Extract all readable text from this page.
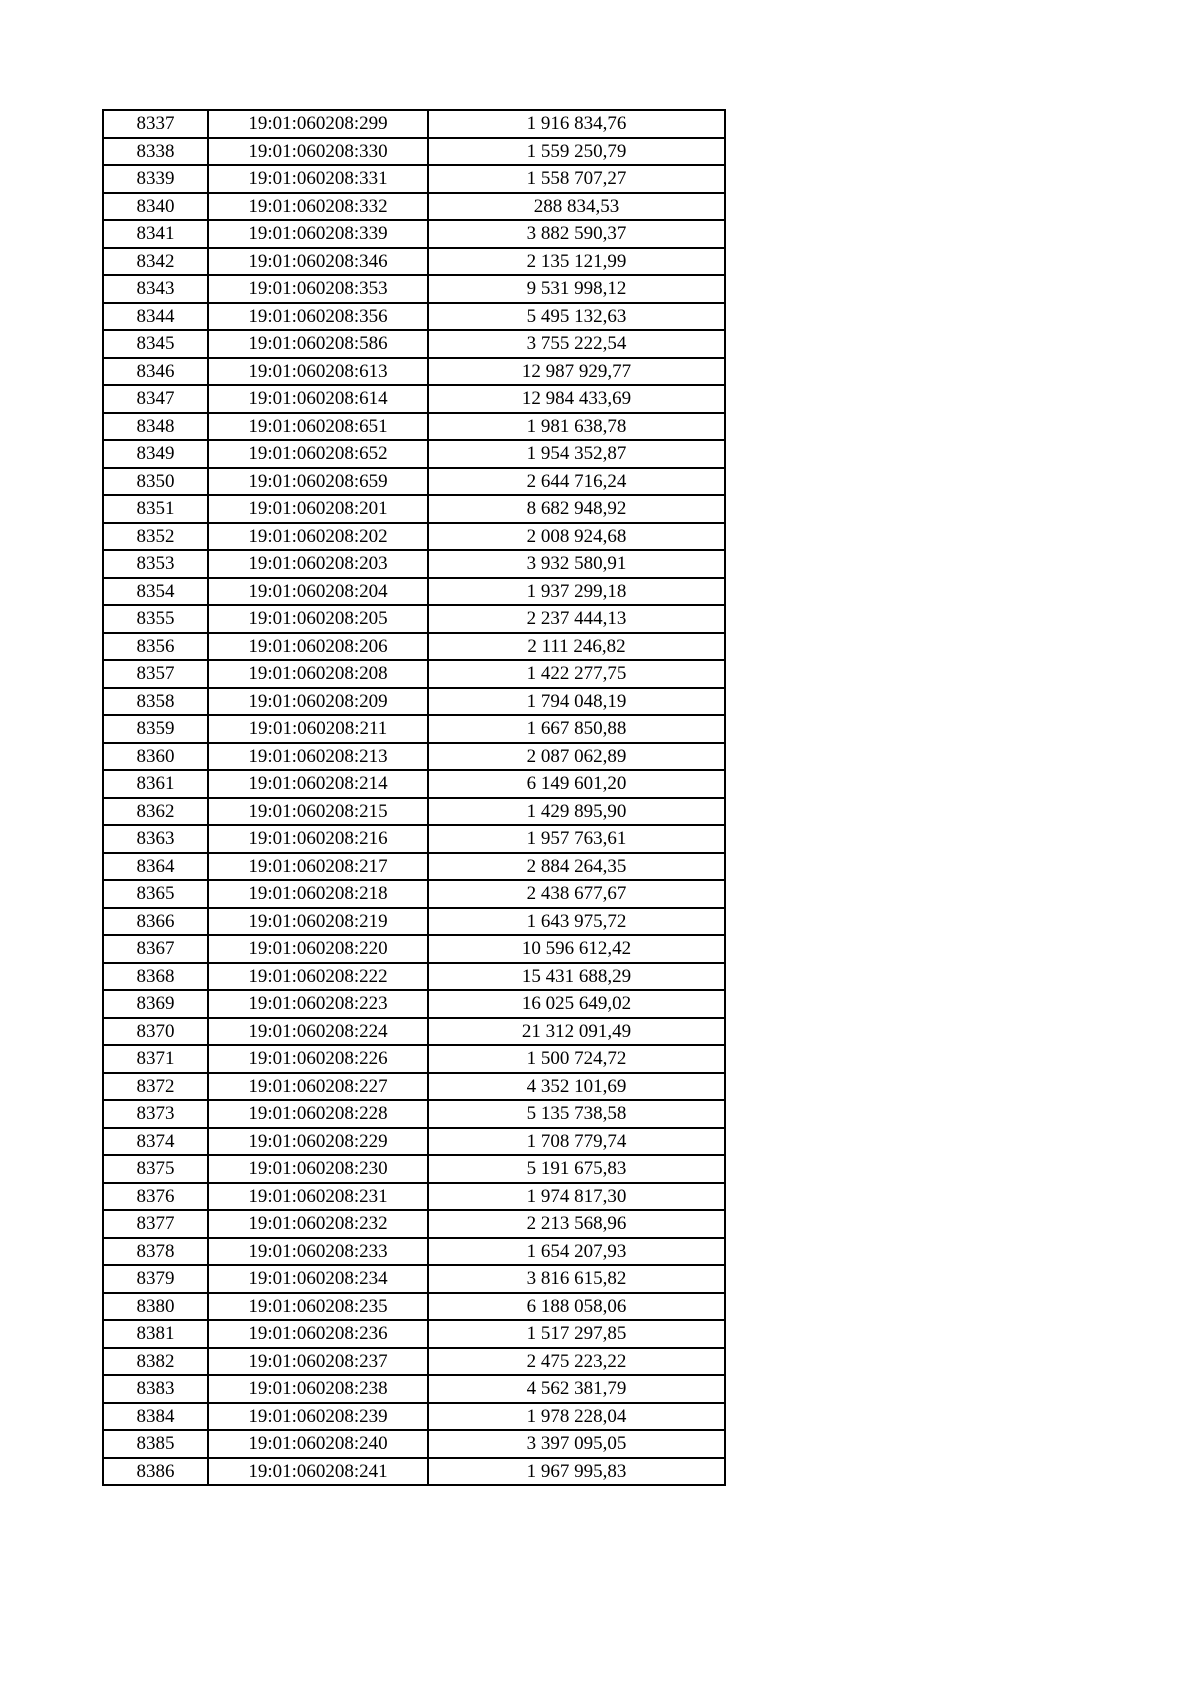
8337	19:01:060208:299	1 916 834,76
8338	19:01:060208:330	1 559 250,79
8339	19:01:060208:331	1 558 707,27
8340	19:01:060208:332	288 834,53
8341	19:01:060208:339	3 882 590,37
8342	19:01:060208:346	2 135 121,99
8343	19:01:060208:353	9 531 998,12
8344	19:01:060208:356	5 495 132,63
8345	19:01:060208:586	3 755 222,54
8346	19:01:060208:613	12 987 929,77
8347	19:01:060208:614	12 984 433,69
8348	19:01:060208:651	1 981 638,78
8349	19:01:060208:652	1 954 352,87
8350	19:01:060208:659	2 644 716,24
8351	19:01:060208:201	8 682 948,92
8352	19:01:060208:202	2 008 924,68
8353	19:01:060208:203	3 932 580,91
8354	19:01:060208:204	1 937 299,18
8355	19:01:060208:205	2 237 444,13
8356	19:01:060208:206	2 111 246,82
8357	19:01:060208:208	1 422 277,75
8358	19:01:060208:209	1 794 048,19
8359	19:01:060208:211	1 667 850,88
8360	19:01:060208:213	2 087 062,89
8361	19:01:060208:214	6 149 601,20
8362	19:01:060208:215	1 429 895,90
8363	19:01:060208:216	1 957 763,61
8364	19:01:060208:217	2 884 264,35
8365	19:01:060208:218	2 438 677,67
8366	19:01:060208:219	1 643 975,72
8367	19:01:060208:220	10 596 612,42
8368	19:01:060208:222	15 431 688,29
8369	19:01:060208:223	16 025 649,02
8370	19:01:060208:224	21 312 091,49
8371	19:01:060208:226	1 500 724,72
8372	19:01:060208:227	4 352 101,69
8373	19:01:060208:228	5 135 738,58
8374	19:01:060208:229	1 708 779,74
8375	19:01:060208:230	5 191 675,83
8376	19:01:060208:231	1 974 817,30
8377	19:01:060208:232	2 213 568,96
8378	19:01:060208:233	1 654 207,93
8379	19:01:060208:234	3 816 615,82
8380	19:01:060208:235	6 188 058,06
8381	19:01:060208:236	1 517 297,85
8382	19:01:060208:237	2 475 223,22
8383	19:01:060208:238	4 562 381,79
8384	19:01:060208:239	1 978 228,04
8385	19:01:060208:240	3 397 095,05
8386	19:01:060208:241	1 967 995,83
